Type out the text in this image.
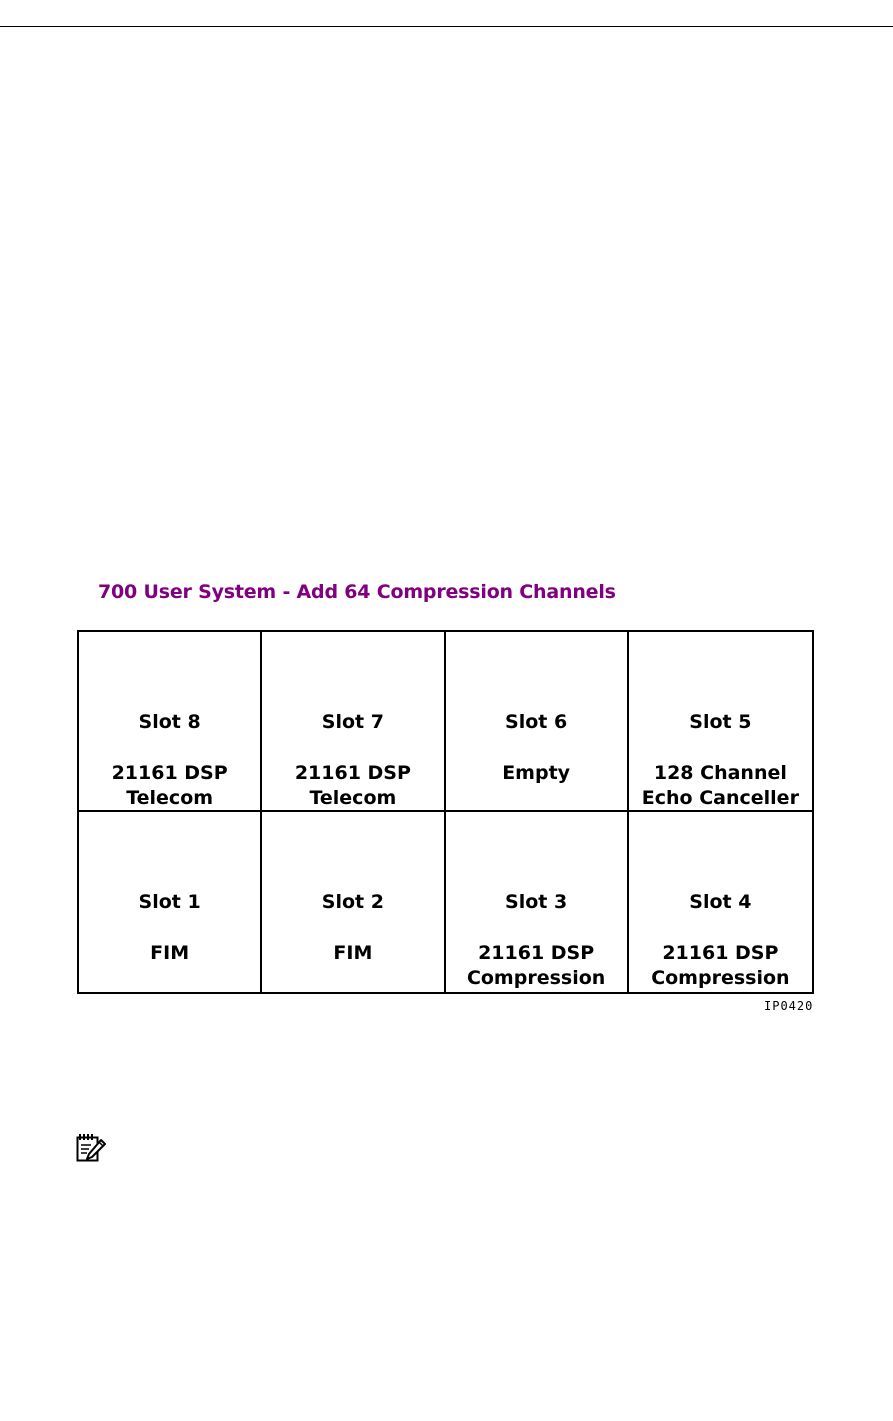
700 User System - Add 64 Compression Channels
Slot 8
21161 DSP
Telecom
Slot 7
21161 DSP
Telecom
Slot 6
Empty
Slot 5
128 Channel
Echo Canceller
Slot 1
FIM
Slot 2
FIM
Slot 3
21161 DSP
Compression
Slot 4
21161 DSP
Compression
IP0420
